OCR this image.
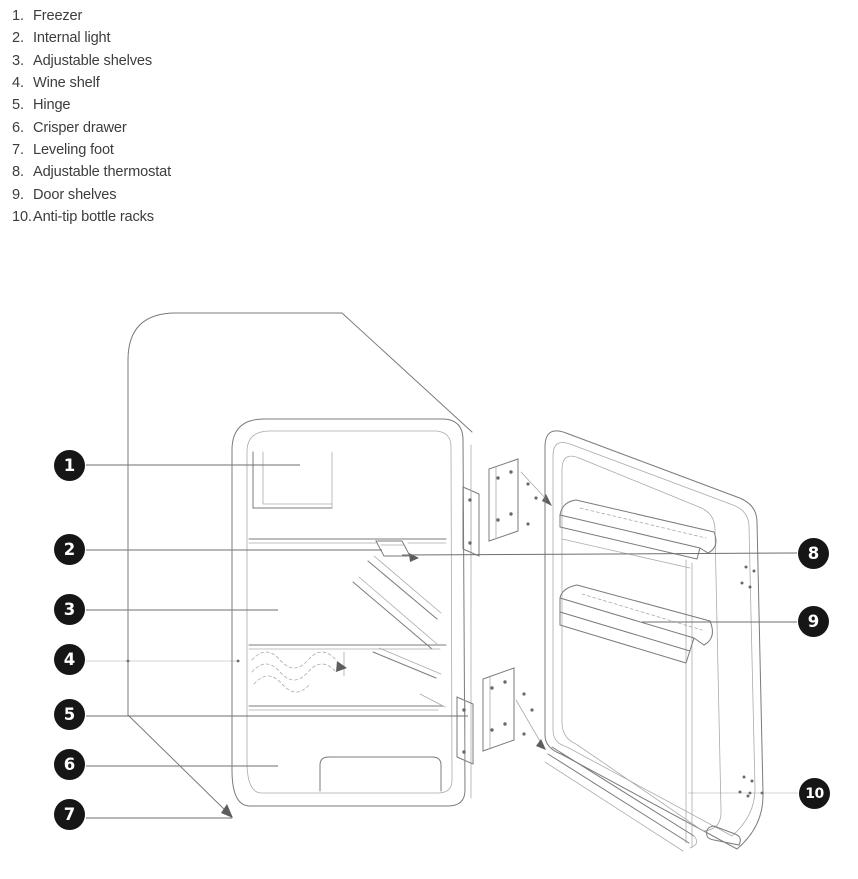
1. Freezer
2. Internal light
3. Adjustable shelves
4. Wine shelf
5. Hinge
6. Crisper drawer
7. Leveling foot
8. Adjustable thermostat
9. Door shelves
10. Anti-tip bottle racks
1
2
3
4
5
6
7
8
9
10
